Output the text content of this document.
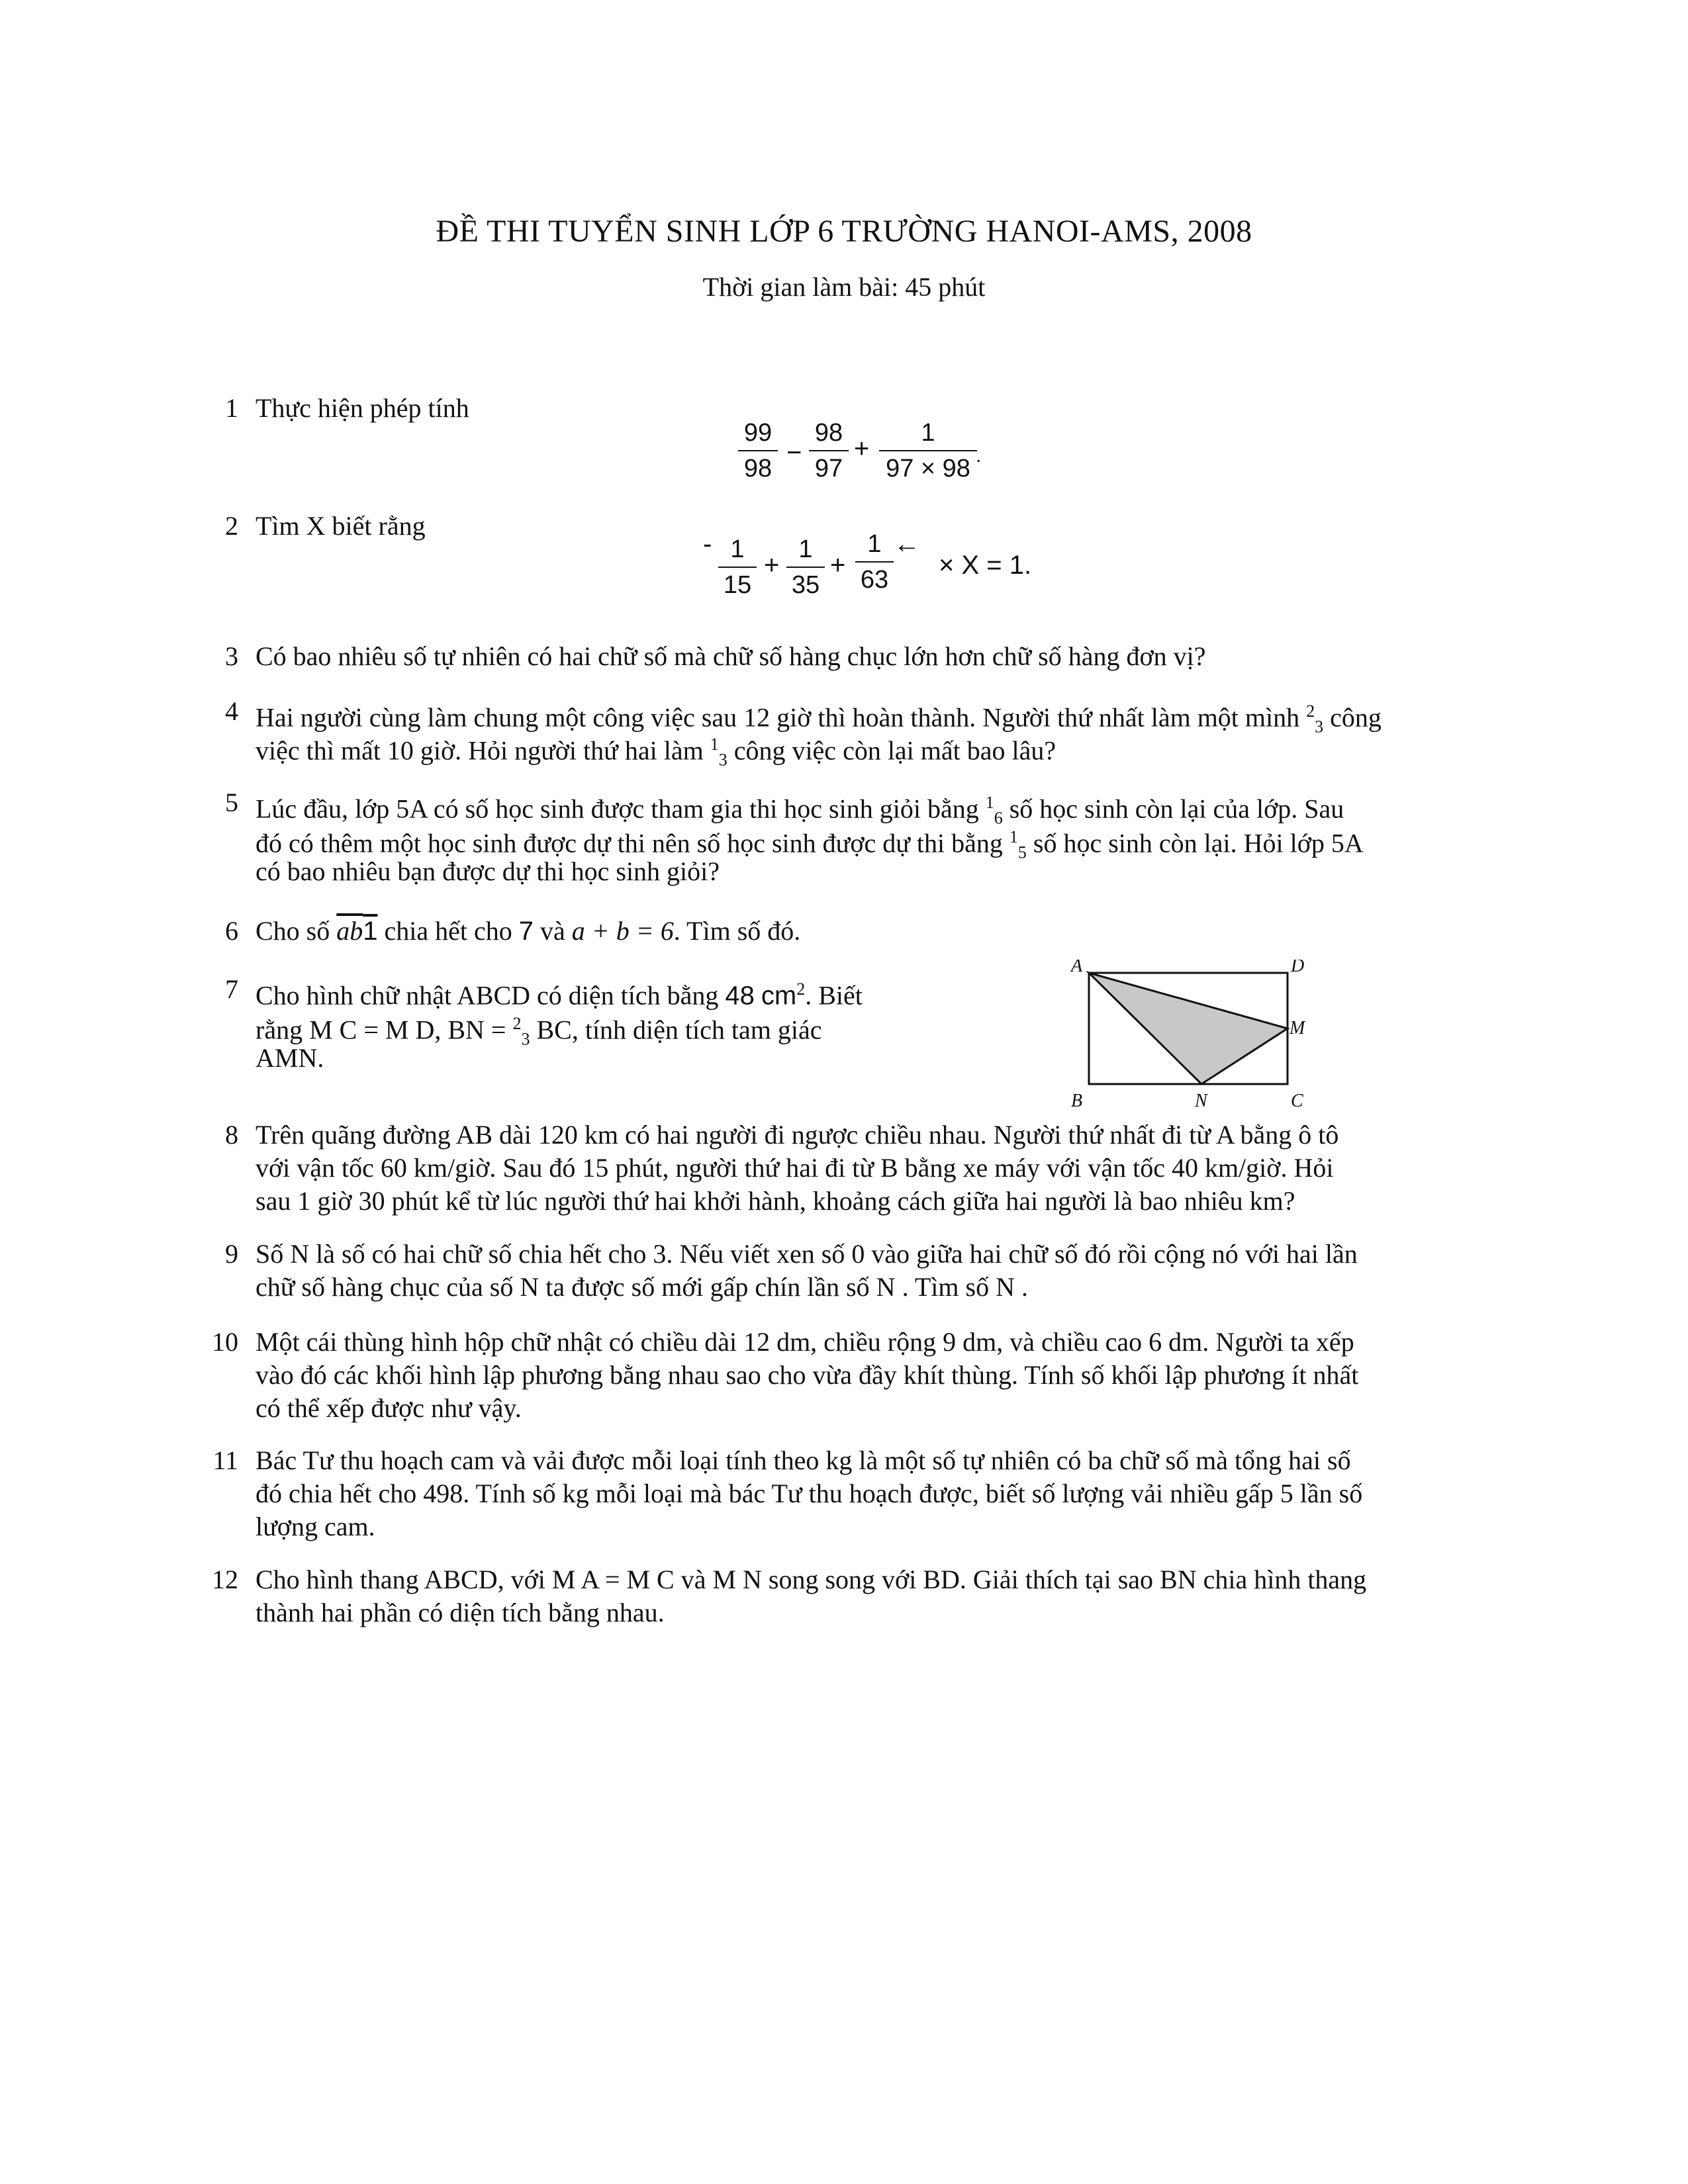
ĐỀ THI TUYỂN SINH LỚP 6 TRƯỜNG HANOI-AMS, 2008
Thời gian làm bài: 45 phút
1 Thực hiện phép tính
99
98
−
98
97
+
1
97 × 98 .
2 Tìm X biết rằng
- 1
15
+
1
35
+
1
63
←
× X = 1.
3 Có bao nhiêu số tự nhiên có hai chữ số mà chữ số hàng chục lớn hơn chữ số hàng đơn vị?
4 Hai người cùng làm chung một công việc sau 12 giờ thì hoàn thành. Người thứ nhất làm một mình $^2_3$ công
việc thì mất 10 giờ. Hỏi người thứ hai làm $^1_3$ công việc còn lại mất bao lâu?
5 Lúc đầu, lớp 5A có số học sinh được tham gia thi học sinh giỏi bằng $^1_6$ số học sinh còn lại của lớp. Sau
đó có thêm một học sinh được dự thi nên số học sinh được dự thi bằng $^1_5$ số học sinh còn lại. Hỏi lớp 5A
có bao nhiêu bạn được dự thi học sinh giỏi?
6 Cho số $\overline{ab}1$ chia hết cho 7 và a + b = 6. Tìm số đó.
7 Cho hình chữ nhật ABCD có diện tích bằng 48 $cm^2$. Biết
rằng M C = M D, BN = $^2_3$ BC, tính diện tích tam giác
AMN.
A	D
M
B	N	C
8 Trên quãng đường AB dài 120 km có hai người đi ngược chiều nhau. Người thứ nhất đi từ A bằng ô tô
với vận tốc 60 km/giờ. Sau đó 15 phút, người thứ hai đi từ B bằng xe máy với vận tốc 40 km/giờ. Hỏi
sau 1 giờ 30 phút kể từ lúc người thứ hai khởi hành, khoảng cách giữa hai người là bao nhiêu km?
9 Số N là số có hai chữ số chia hết cho 3. Nếu viết xen số 0 vào giữa hai chữ số đó rồi cộng nó với hai lần
chữ số hàng chục của số N ta được số mới gấp chín lần số N . Tìm số N .
10 Một cái thùng hình hộp chữ nhật có chiều dài 12 dm, chiều rộng 9 dm, và chiều cao 6 dm. Người ta xếp
vào đó các khối hình lập phương bằng nhau sao cho vừa đầy khít thùng. Tính số khối lập phương ít nhất
có thể xếp được như vậy.
11 Bác Tư thu hoạch cam và vải được mỗi loại tính theo kg là một số tự nhiên có ba chữ số mà tổng hai số
đó chia hết cho 498. Tính số kg mỗi loại mà bác Tư thu hoạch được, biết số lượng vải nhiều gấp 5 lần số
lượng cam.
12 Cho hình thang ABCD, với M A = M C và M N song song với BD. Giải thích tại sao BN chia hình thang
thành hai phần có diện tích bằng nhau.
